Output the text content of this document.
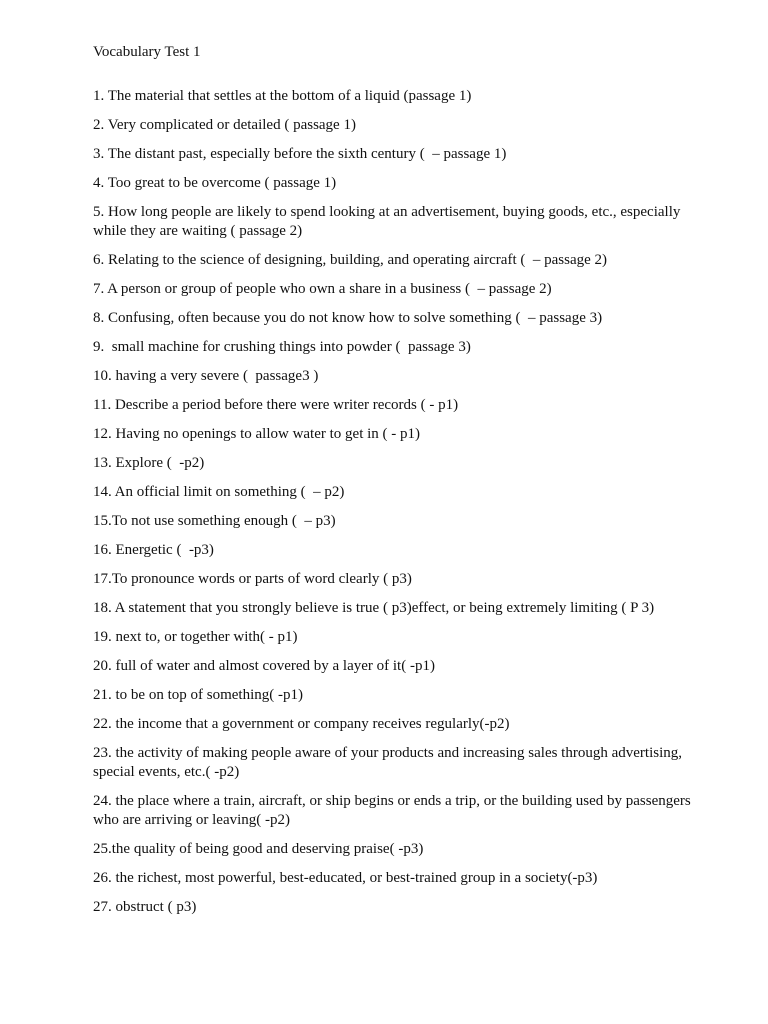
Vocabulary Test 1
1. The material that settles at the bottom of a liquid (passage 1)
2. Very complicated or detailed ( passage 1)
3. The distant past, especially before the sixth century (  – passage 1)
4. Too great to be overcome ( passage 1)
5. How long people are likely to spend looking at an advertisement, buying goods, etc., especially while they are waiting ( passage 2)
6. Relating to the science of designing, building, and operating aircraft (  – passage 2)
7. A person or group of people who own a share in a business (  – passage 2)
8. Confusing, often because you do not know how to solve something (  – passage 3)
9.  small machine for crushing things into powder (  passage 3)
10. having a very severe (  passage3 )
11. Describe a period before there were writer records ( - p1)
12. Having no openings to allow water to get in ( - p1)
13. Explore (  -p2)
14. An official limit on something (  – p2)
15.To not use something enough (  – p3)
16. Energetic (  -p3)
17.To pronounce words or parts of word clearly ( p3)
18. A statement that you strongly believe is true ( p3)effect, or being extremely limiting ( P 3)
19. next to, or together with( - p1)
20. full of water and almost covered by a layer of it( -p1)
21. to be on top of something( -p1)
22. the income that a government or company receives regularly(-p2)
23. the activity of making people aware of your products and increasing sales through advertising, special events, etc.( -p2)
24. the place where a train, aircraft, or ship begins or ends a trip, or the building used by passengers who are arriving or leaving( -p2)
25.the quality of being good and deserving praise( -p3)
26. the richest, most powerful, best-educated, or best-trained group in a society(-p3)
27. obstruct ( p3)
